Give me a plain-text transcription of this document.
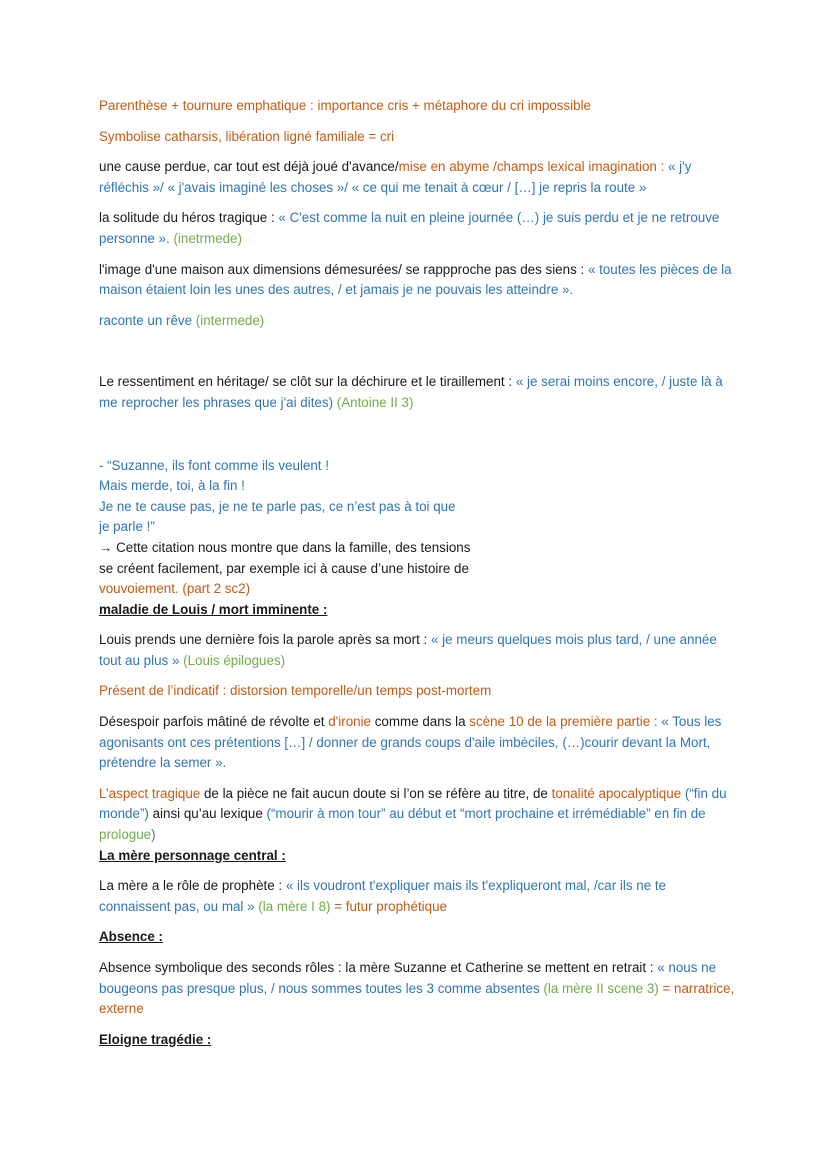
Parenthèse + tournure emphatique : importance cris + métaphore du cri impossible

Symbolise catharsis, libération ligné familiale = cri

une cause perdue, car tout est déjà joué d'avance/mise en abyme /champs lexical imagination : « j'y réfléchis »/ « j'avais imaginé les choses »/ « ce qui me tenait à cœur / […] je repris la route »

la solitude du héros tragique : « C'est comme la nuit en pleine journée (…) je suis perdu et je ne retrouve personne ». (inetrmede)

l'image d'une maison aux dimensions démesurées/ se rappproche pas des siens : « toutes les pièces de la maison étaient loin les unes des autres, / et jamais je ne pouvais les atteindre ».

raconte un rêve (intermede)

Le ressentiment en héritage/ se clôt sur la déchirure et le tiraillement : « je serai moins encore, / juste là à me reprocher les phrases que j'ai dites) (Antoine II 3)

- “Suzanne, ils font comme ils veulent !
Mais merde, toi, à la fin !
Je ne te cause pas, je ne te parle pas, ce n’est pas à toi que
je parle !”
→ Cette citation nous montre que dans la famille, des tensions
se créent facilement, par exemple ici à cause d’une histoire de
vouvoiement. (part 2 sc2)

maladie de Louis / mort imminente :

Louis prends une dernière fois la parole après sa mort : « je meurs quelques mois plus tard, / une année tout au plus » (Louis épilogues)

Présent de l’indicatif : distorsion temporelle/un temps post-mortem

Désespoir parfois mâtiné de révolte et d'ironie comme dans la scène 10 de la première partie : « Tous les agonisants ont ces prétentions […] / donner de grands coups d'aile imbéciles, (…)courir devant la Mort, prétendre la semer ».

L’aspect tragique de la pièce ne fait aucun doute si l’on se réfère au titre, de tonalité apocalyptique (“fin du monde”) ainsi qu’au lexique (“mourir à mon tour” au début et “mort prochaine et irrémédiable” en fin de prologue)

La mère personnage central :

La mère a le rôle de prophète : « ils voudront t'expliquer mais ils t'expliqueront mal, /car ils ne te connaissent pas, ou mal » (la mère I 8) = futur prophétique

Absence :

Absence symbolique des seconds rôles : la mère Suzanne et Catherine se mettent en retrait : « nous ne bougeons pas presque plus, / nous sommes toutes les 3 comme absentes (la mère II scene 3) = narratrice, externe

Eloigne tragédie :
